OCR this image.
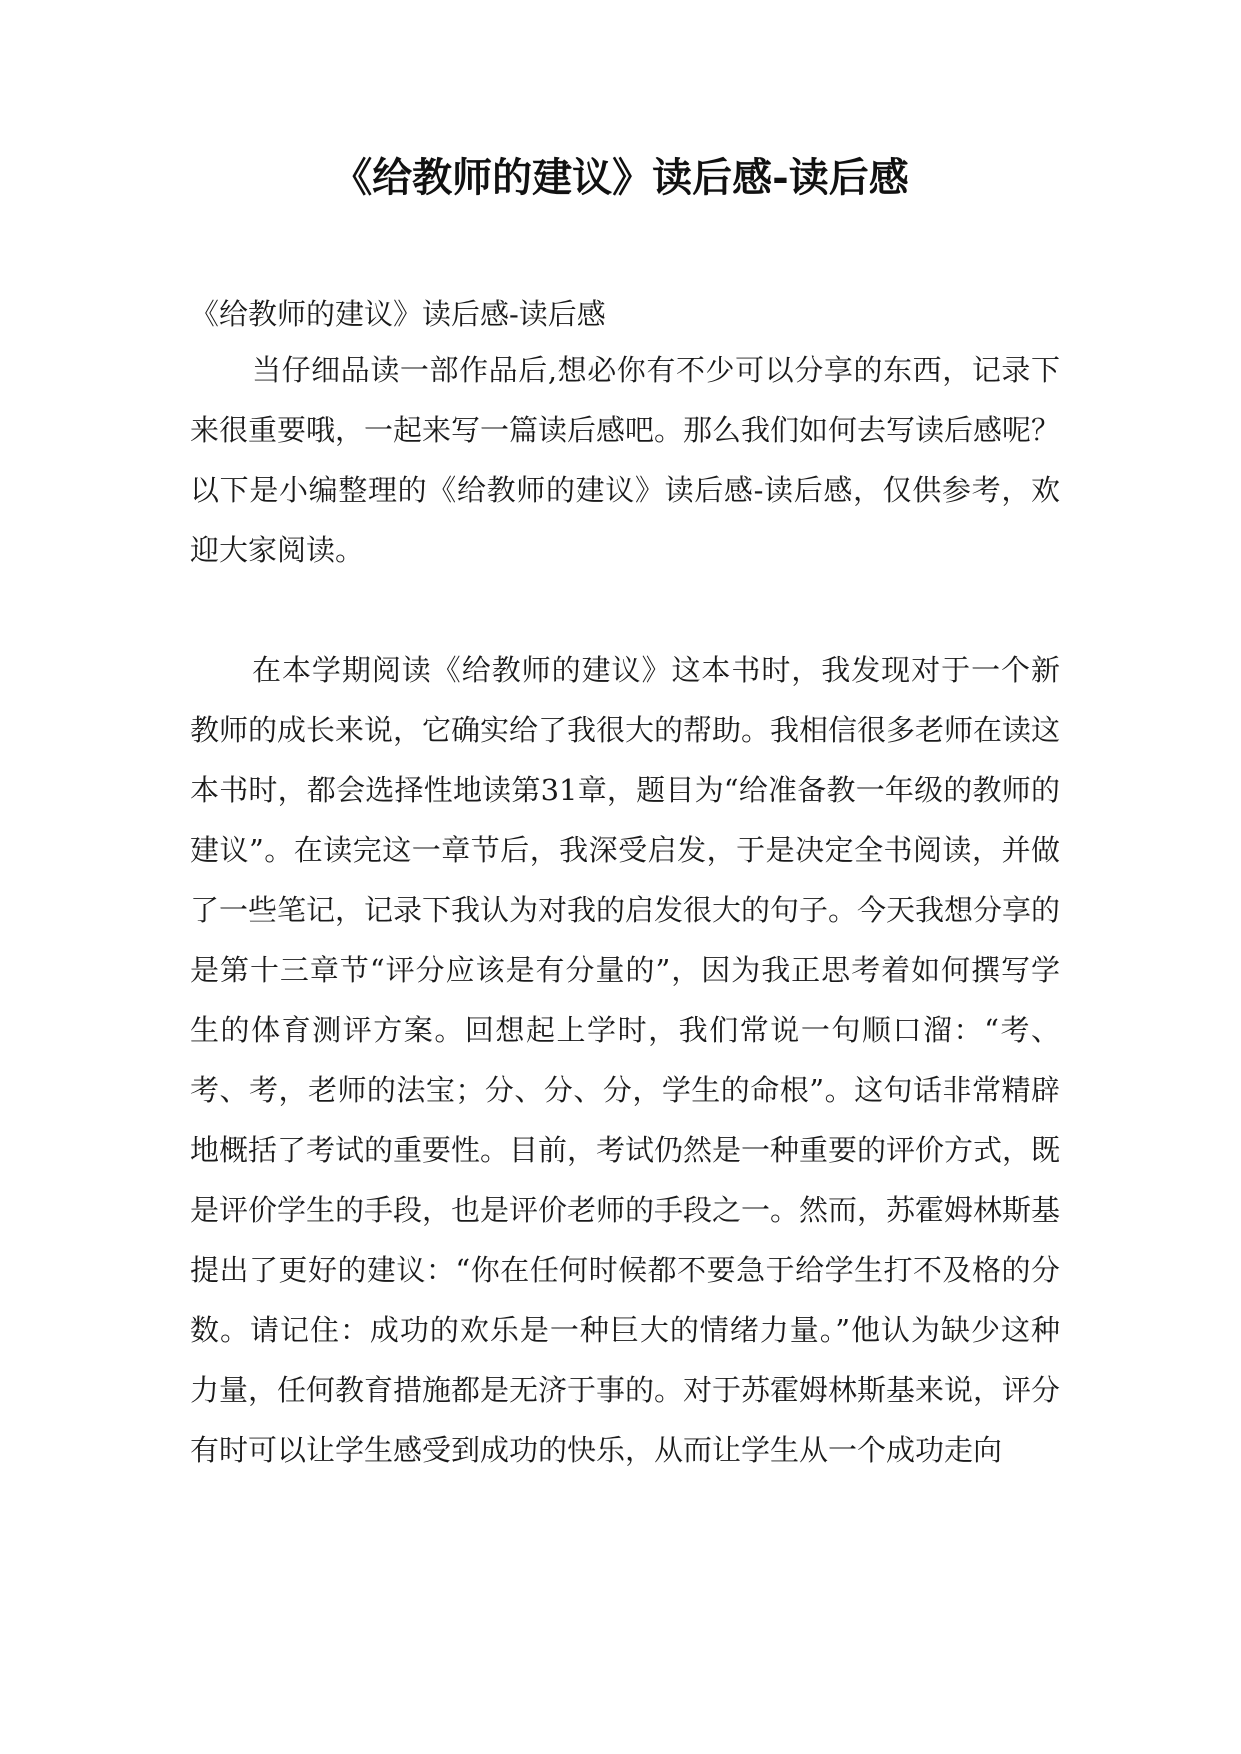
《给教师的建议》读后感-读后感

《给教师的建议》读后感-读后感

当仔细品读一部作品后,想必你有不少可以分享的东西，记录下来很重要哦，一起来写一篇读后感吧。那么我们如何去写读后感呢？以下是小编整理的《给教师的建议》读后感-读后感，仅供参考，欢迎大家阅读。

在本学期阅读《给教师的建议》这本书时，我发现对于一个新教师的成长来说，它确实给了我很大的帮助。我相信很多老师在读这本书时，都会选择性地读第31章，题目为“给准备教一年级的教师的建议”。在读完这一章节后，我深受启发，于是决定全书阅读，并做了一些笔记，记录下我认为对我的启发很大的句子。今天我想分享的是第十三章节“评分应该是有分量的”，因为我正思考着如何撰写学生的体育测评方案。回想起上学时，我们常说一句顺口溜：“考、考、考，老师的法宝；分、分、分，学生的命根”。这句话非常精辟地概括了考试的重要性。目前，考试仍然是一种重要的评价方式，既是评价学生的手段，也是评价老师的手段之一。然而，苏霍姆林斯基提出了更好的建议：“你在任何时候都不要急于给学生打不及格的分数。请记住：成功的欢乐是一种巨大的情绪力量。”他认为缺少这种力量，任何教育措施都是无济于事的。对于苏霍姆林斯基来说，评分有时可以让学生感受到成功的快乐，从而让学生从一个成功走向
